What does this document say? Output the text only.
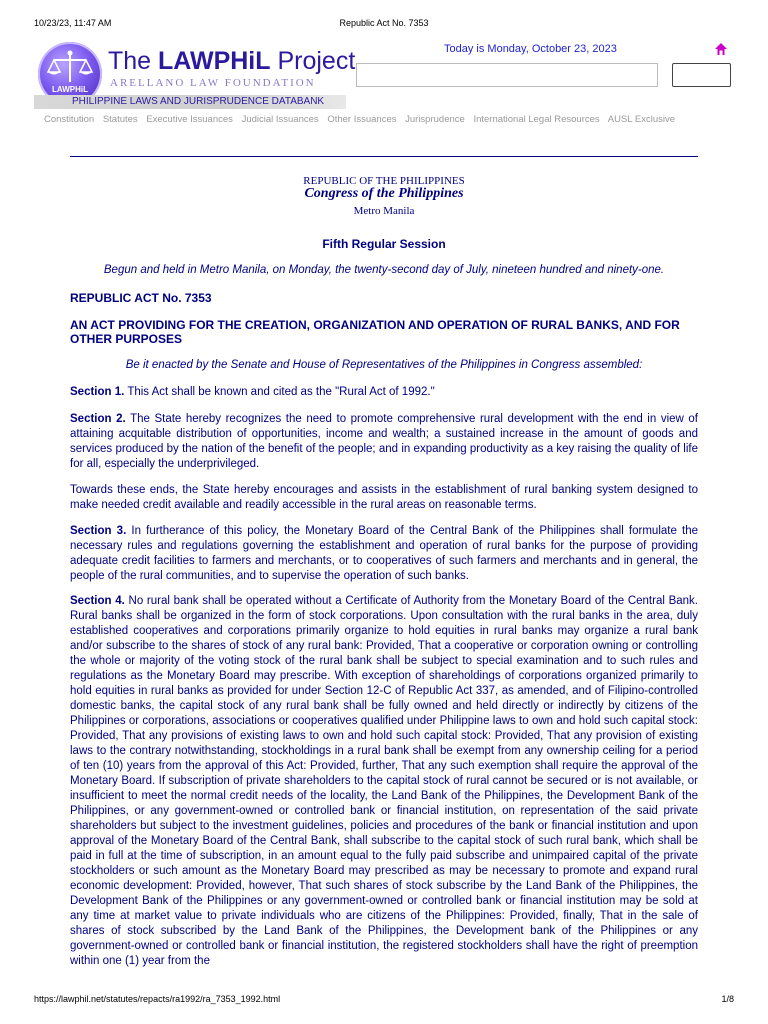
10/23/23, 11:47 AM	Republic Act No. 7353
LAWPHiL
PHILIPPINE LAWS AND JURISPRUDENCE DATABANK
The LAWPHiL Project
ARELLANO LAW FOUNDATION
Today is Monday, October 23, 2023
Constitution Statutes Executive Issuances Judicial Issuances Other Issuances Jurisprudence International Legal Resources AUSL Exclusive
REPUBLIC OF THE PHILIPPINES
Congress of the Philippines
Metro Manila
Fifth Regular Session
Begun and held in Metro Manila, on Monday, the twenty-second day of July, nineteen hundred and ninety-one.
REPUBLIC ACT No. 7353
AN ACT PROVIDING FOR THE CREATION, ORGANIZATION AND OPERATION OF RURAL BANKS, AND FOR OTHER PURPOSES
Be it enacted by the Senate and House of Representatives of the Philippines in Congress assembled:
Section 1. This Act shall be known and cited as the "Rural Act of 1992."
Section 2. The State hereby recognizes the need to promote comprehensive rural development with the end in view of attaining acquitable distribution of opportunities, income and wealth; a sustained increase in the amount of goods and services produced by the nation of the benefit of the people; and in expanding productivity as a key raising the quality of life for all, especially the underprivileged.
Towards these ends, the State hereby encourages and assists in the establishment of rural banking system designed to make needed credit available and readily accessible in the rural areas on reasonable terms.
Section 3. In furtherance of this policy, the Monetary Board of the Central Bank of the Philippines shall formulate the necessary rules and regulations governing the establishment and operation of rural banks for the purpose of providing adequate credit facilities to farmers and merchants, or to cooperatives of such farmers and merchants and in general, the people of the rural communities, and to supervise the operation of such banks.
Section 4. No rural bank shall be operated without a Certificate of Authority from the Monetary Board of the Central Bank. Rural banks shall be organized in the form of stock corporations. Upon consultation with the rural banks in the area, duly established cooperatives and corporations primarily organize to hold equities in rural banks may organize a rural bank and/or subscribe to the shares of stock of any rural bank: Provided, That a cooperative or corporation owning or controlling the whole or majority of the voting stock of the rural bank shall be subject to special examination and to such rules and regulations as the Monetary Board may prescribe. With exception of shareholdings of corporations organized primarily to hold equities in rural banks as provided for under Section 12-C of Republic Act 337, as amended, and of Filipino-controlled domestic banks, the capital stock of any rural bank shall be fully owned and held directly or indirectly by citizens of the Philippines or corporations, associations or cooperatives qualified under Philippine laws to own and hold such capital stock: Provided, That any provisions of existing laws to own and hold such capital stock: Provided, That any provision of existing laws to the contrary notwithstanding, stockholdings in a rural bank shall be exempt from any ownership ceiling for a period of ten (10) years from the approval of this Act: Provided, further, That any such exemption shall require the approval of the Monetary Board. If subscription of private shareholders to the capital stock of rural cannot be secured or is not available, or insufficient to meet the normal credit needs of the locality, the Land Bank of the Philippines, the Development Bank of the Philippines, or any government-owned or controlled bank or financial institution, on representation of the said private shareholders but subject to the investment guidelines, policies and procedures of the bank or financial institution and upon approval of the Monetary Board of the Central Bank, shall subscribe to the capital stock of such rural bank, which shall be paid in full at the time of subscription, in an amount equal to the fully paid subscribe and unimpaired capital of the private stockholders or such amount as the Monetary Board may prescribed as may be necessary to promote and expand rural economic development: Provided, however, That such shares of stock subscribe by the Land Bank of the Philippines, the Development Bank of the Philippines or any government-owned or controlled bank or financial institution may be sold at any time at market value to private individuals who are citizens of the Philippines: Provided, finally, That in the sale of shares of stock subscribed by the Land Bank of the Philippines, the Development bank of the Philippines or any government-owned or controlled bank or financial institution, the registered stockholders shall have the right of preemption within one (1) year from the
https://lawphil.net/statutes/repacts/ra1992/ra_7353_1992.html	1/8
